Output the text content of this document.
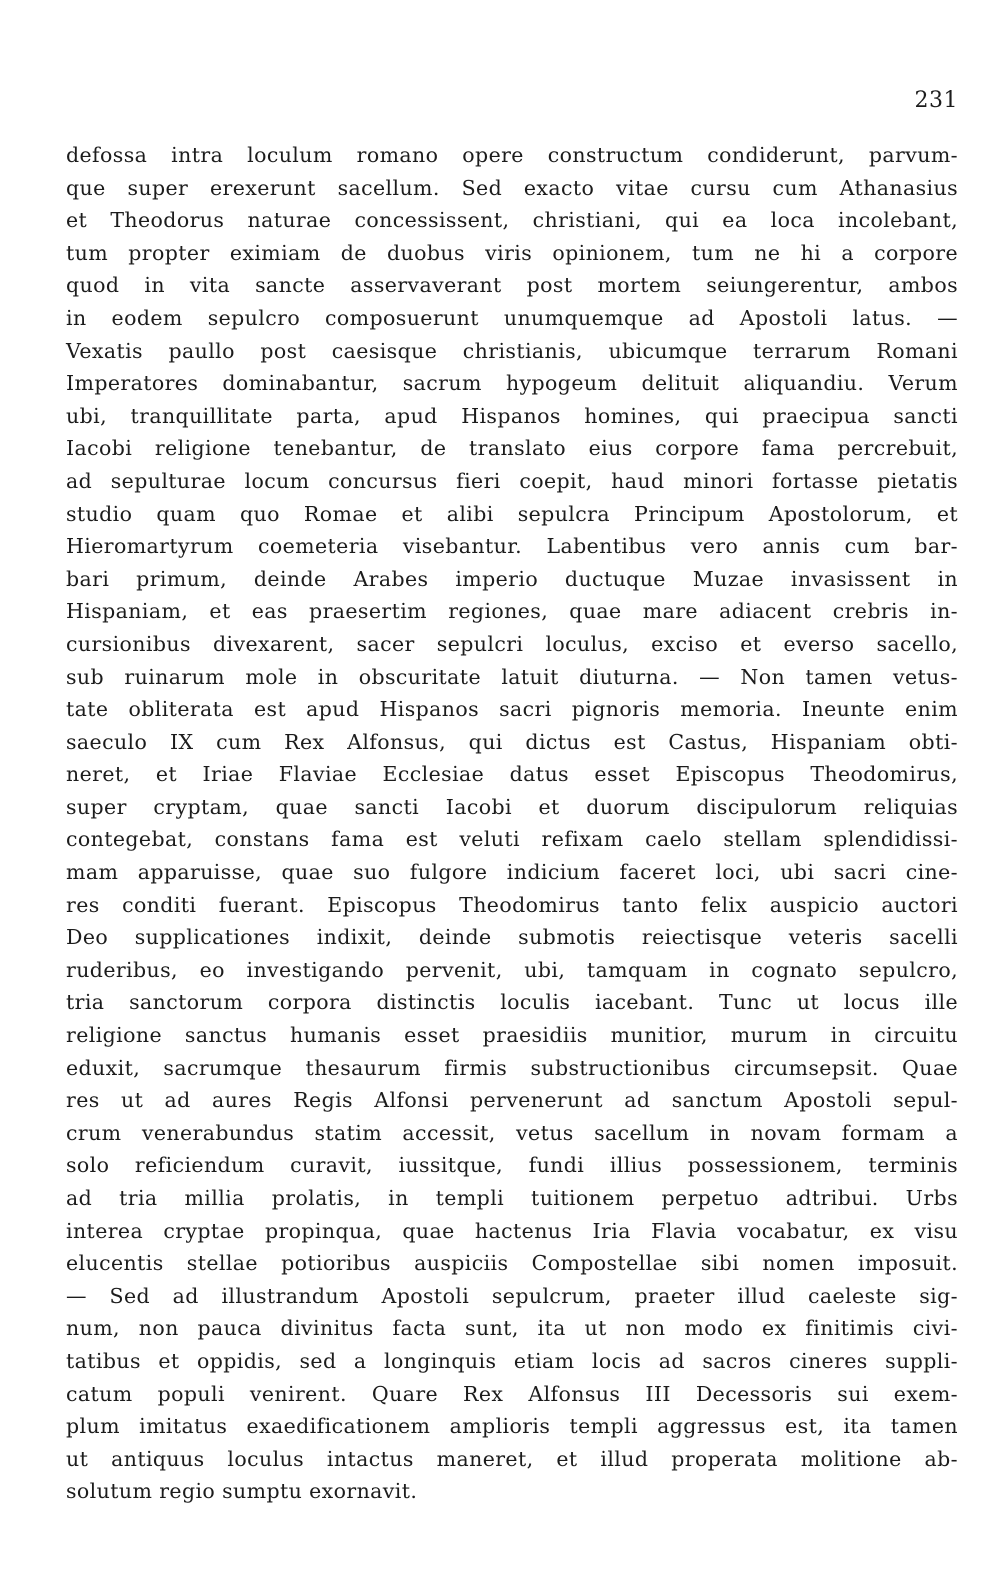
231
defossa intra loculum romano opere constructum condiderunt, parvum-
que super erexerunt sacellum. Sed exacto vitae cursu cum Athanasius
et Theodorus naturae concessissent, christiani, qui ea loca incolebant,
tum propter eximiam de duobus viris opinionem, tum ne hi a corpore
quod in vita sancte asservaverant post mortem seiungerentur, ambos
in eodem sepulcro composuerunt unumquemque ad Apostoli latus. —
Vexatis paullo post caesisque christianis, ubicumque terrarum Romani
Imperatores dominabantur, sacrum hypogeum delituit aliquandiu. Verum
ubi, tranquillitate parta, apud Hispanos homines, qui praecipua sancti
Iacobi religione tenebantur, de translato eius corpore fama percrebuit,
ad sepulturae locum concursus fieri coepit, haud minori fortasse pietatis
studio quam quo Romae et alibi sepulcra Principum Apostolorum, et
Hieromartyrum coemeteria visebantur. Labentibus vero annis cum bar-
bari primum, deinde Arabes imperio ductuque Muzae invasissent in
Hispaniam, et eas praesertim regiones, quae mare adiacent crebris in-
cursionibus divexarent, sacer sepulcri loculus, exciso et everso sacello,
sub ruinarum mole in obscuritate latuit diuturna. — Non tamen vetus-
tate obliterata est apud Hispanos sacri pignoris memoria. Ineunte enim
saeculo IX cum Rex Alfonsus, qui dictus est Castus, Hispaniam obti-
neret, et Iriae Flaviae Ecclesiae datus esset Episcopus Theodomirus,
super cryptam, quae sancti Iacobi et duorum discipulorum reliquias
contegebat, constans fama est veluti refixam caelo stellam splendidissi-
mam apparuisse, quae suo fulgore indicium faceret loci, ubi sacri cine-
res conditi fuerant. Episcopus Theodomirus tanto felix auspicio auctori
Deo supplicationes indixit, deinde submotis reiectisque veteris sacelli
ruderibus, eo investigando pervenit, ubi, tamquam in cognato sepulcro,
tria sanctorum corpora distinctis loculis iacebant. Tunc ut locus ille
religione sanctus humanis esset praesidiis munitior, murum in circuitu
eduxit, sacrumque thesaurum firmis substructionibus circumsepsit. Quae
res ut ad aures Regis Alfonsi pervenerunt ad sanctum Apostoli sepul-
crum venerabundus statim accessit, vetus sacellum in novam formam a
solo reficiendum curavit, iussitque, fundi illius possessionem, terminis
ad tria millia prolatis, in templi tuitionem perpetuo adtribui. Urbs
interea cryptae propinqua, quae hactenus Iria Flavia vocabatur, ex visu
elucentis stellae potioribus auspiciis Compostellae sibi nomen imposuit.
— Sed ad illustrandum Apostoli sepulcrum, praeter illud caeleste sig-
num, non pauca divinitus facta sunt, ita ut non modo ex finitimis civi-
tatibus et oppidis, sed a longinquis etiam locis ad sacros cineres suppli-
catum populi venirent. Quare Rex Alfonsus III Decessoris sui exem-
plum imitatus exaedificationem amplioris templi aggressus est, ita tamen
ut antiquus loculus intactus maneret, et illud properata molitione ab-
solutum regio sumptu exornavit.
